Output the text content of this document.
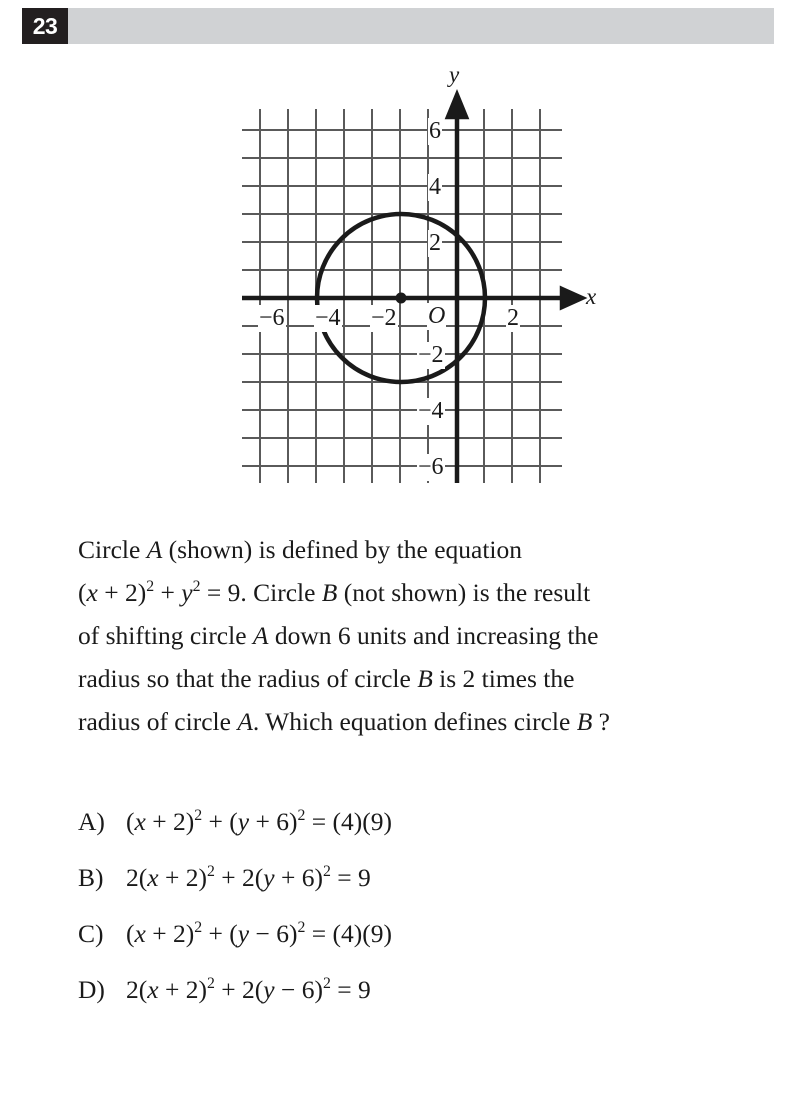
23
x
y
−6 −4 −2	2
O
6
4
2
−2
−4
−6
Circle A (shown) is defined by the equation
$(x + 2)^2 + y^2 = 9$. Circle B (not shown) is the result
of shifting circle A down 6 units and increasing the
radius so that the radius of circle B is 2 times the
radius of circle A. Which equation defines circle B ?
A) $(x + 2)^2 + (y + 6)^2 = (4)(9)$
B) $2(x + 2)^2 + 2(y + 6)^2 = 9$
C) $(x + 2)^2 + (y - 6)^2 = (4)(9)$
D) $2(x + 2)^2 + 2(y - 6)^2 = 9$
